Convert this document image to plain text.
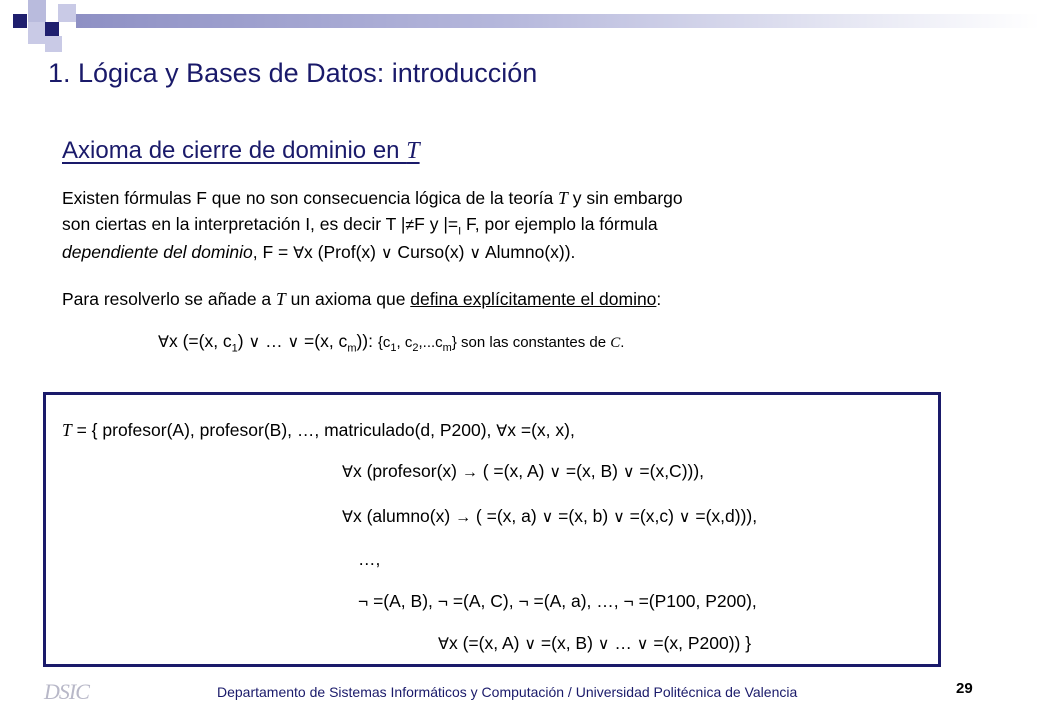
1. Lógica y Bases de Datos: introducción
Axioma de cierre de dominio en T
Existen fórmulas F que no son consecuencia lógica de la teoría T y sin embargo
son ciertas en la interpretación I, es decir T |≠F y $|=_I$ F, por ejemplo la fórmula
dependiente del dominio, F = ∀x (Prof(x) ∨ Curso(x) ∨ Alumno(x)).
Para resolverlo se añade a T un axioma que defina explícitamente el domino:
∀x (=(x, $c_1$) ∨ … ∨ =(x, $c_m$)): {$c_1$, $c_2,...c_m$} son las constantes de C.
T = { profesor(A), profesor(B), …, matriculado(d, P200), ∀x =(x, x),
∀x (profesor(x) → ( =(x, A) ∨ =(x, B) ∨ =(x,C))),
∀x (alumno(x) → ( =(x, a) ∨ =(x, b) ∨ =(x,c) ∨ =(x,d))),
…,
¬ =(A, B), ¬ =(A, C), ¬ =(A, a), …, ¬ =(P100, P200),
∀x (=(x, A) ∨ =(x, B) ∨ … ∨ =(x, P200)) }
DSIC	Departamento de Sistemas Informáticos y Computación / Universidad Politécnica de Valencia	29
